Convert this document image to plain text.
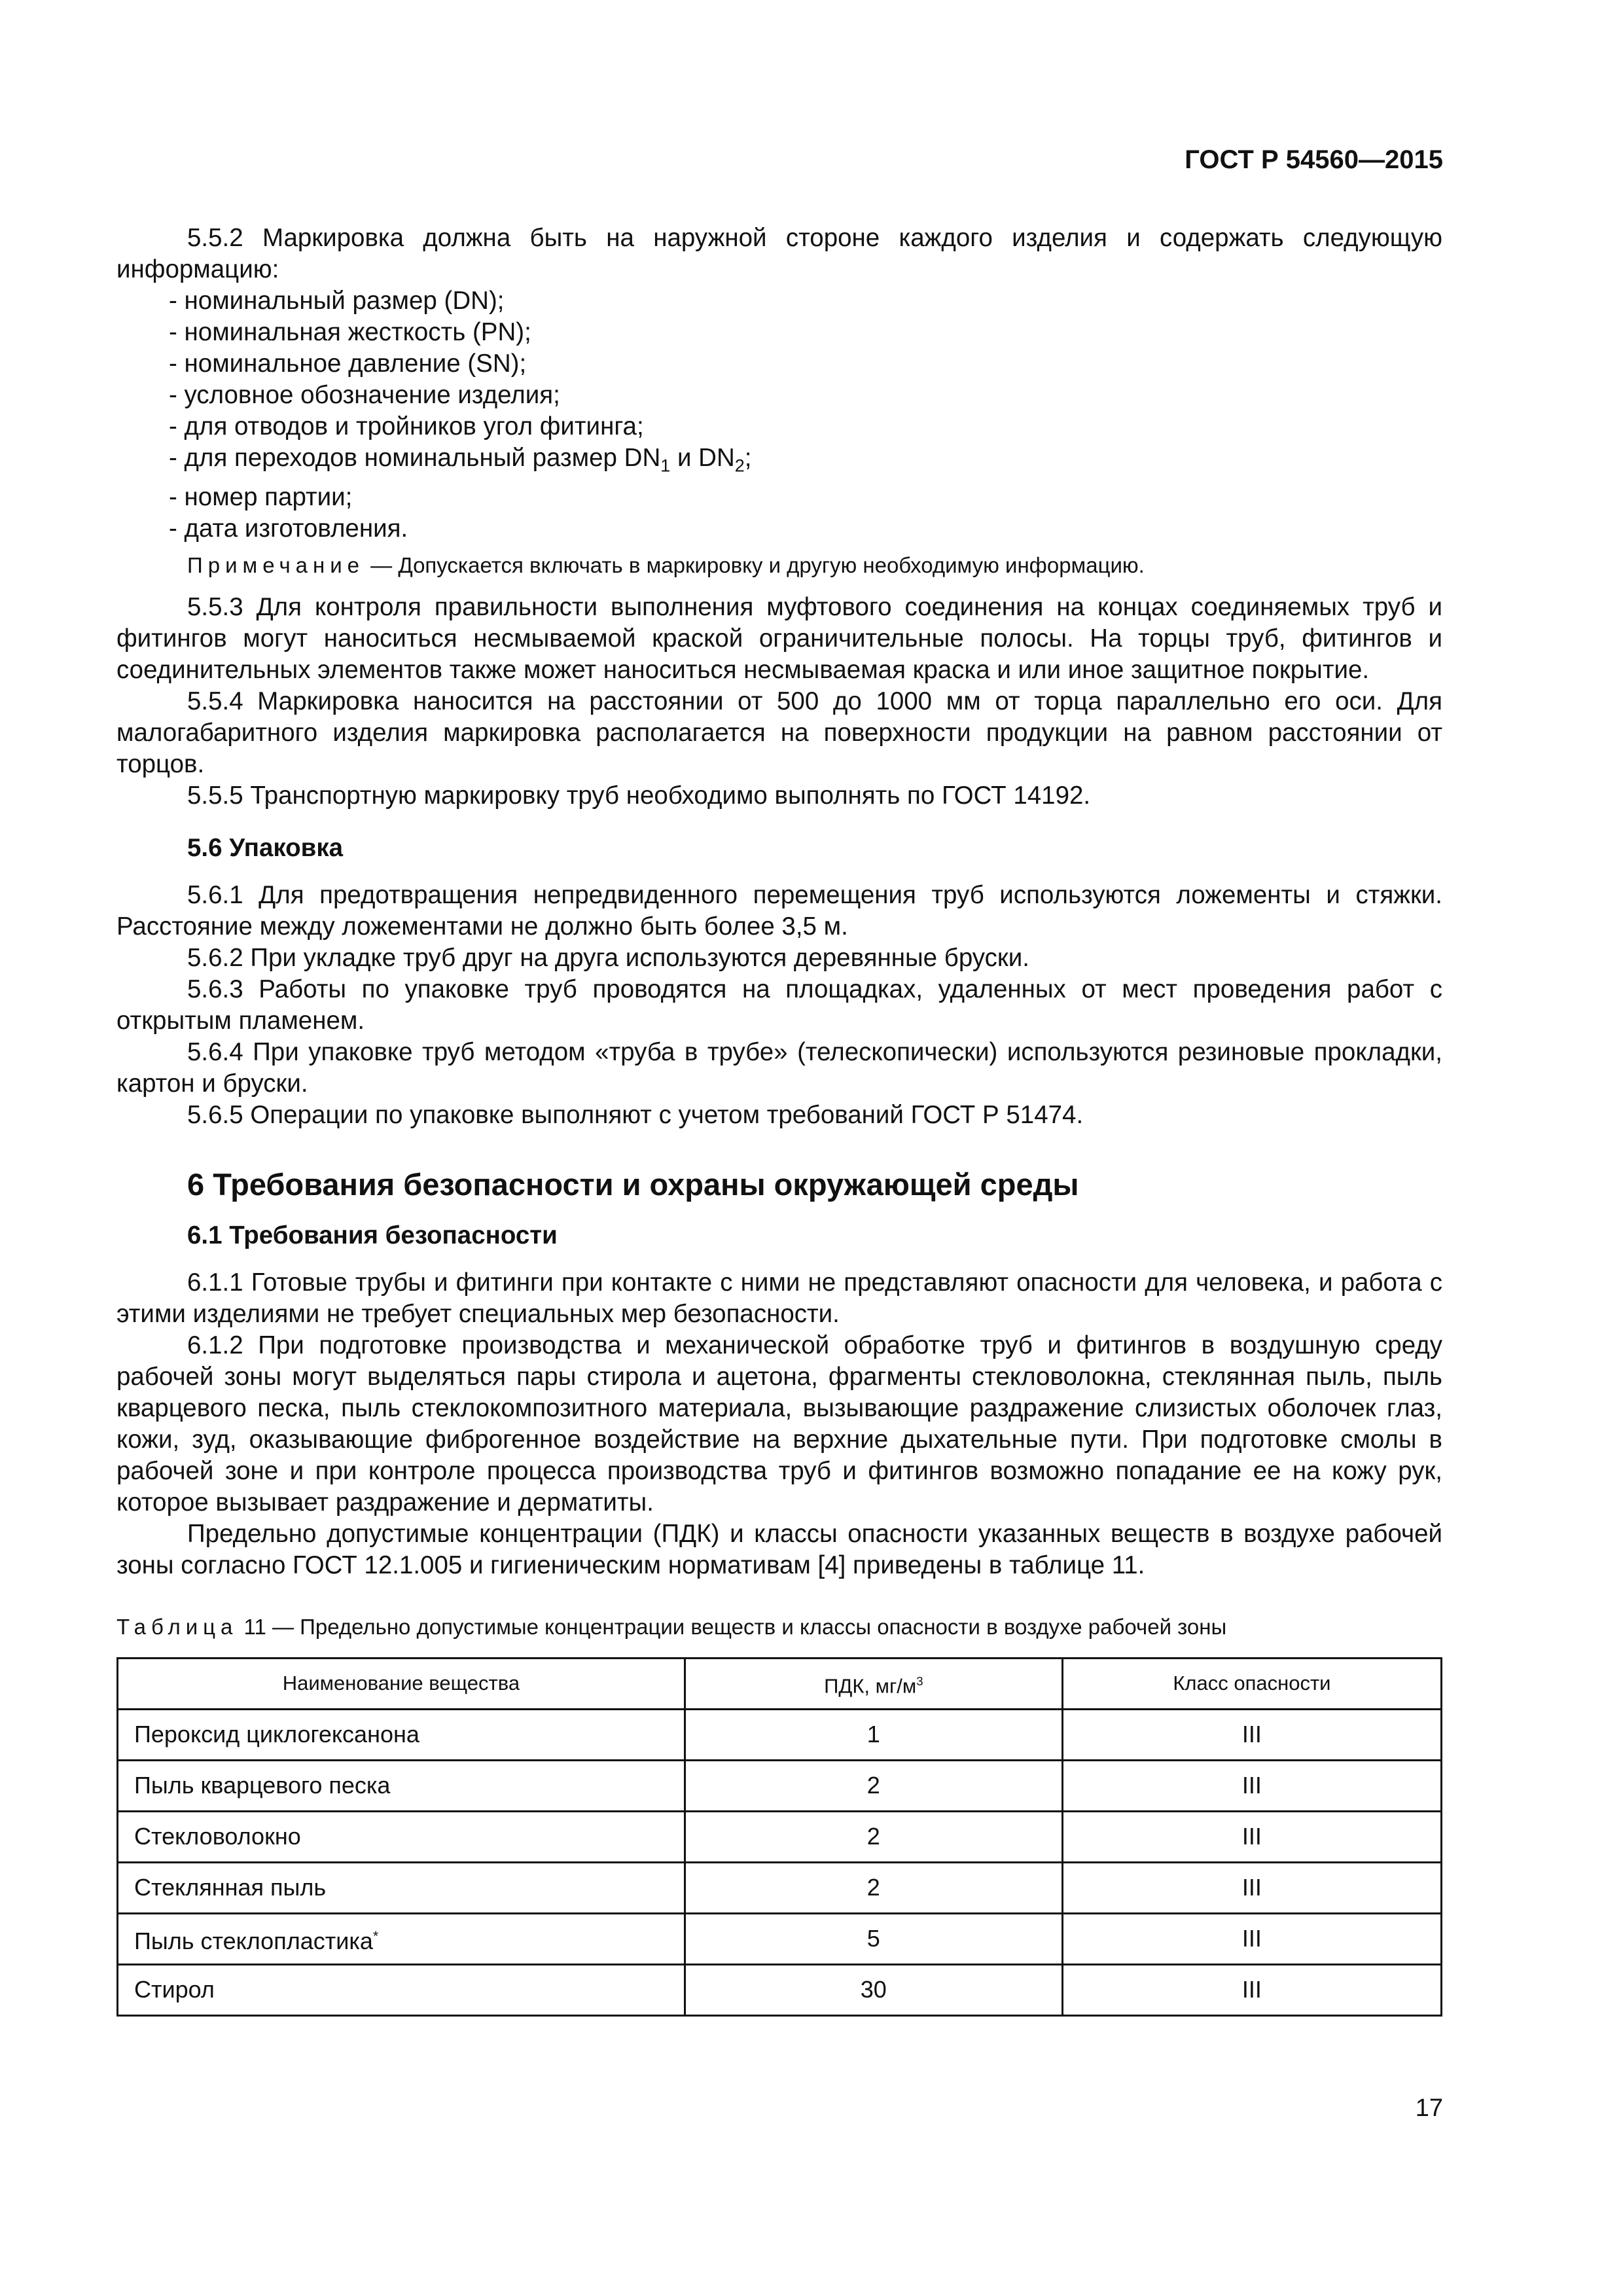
ГОСТ Р 54560—2015

5.5.2 Маркировка должна быть на наружной стороне каждого изделия и содержать следующую информацию:

- номинальный размер (DN);

- номинальная жесткость (PN);

- номинальное давление (SN);

- условное обозначение изделия;

- для отводов и тройников угол фитинга;

- для переходов номинальный размер $DN_1$ и $DN_2$;

- номер партии;

- дата изготовления.

Примечание — Допускается включать в маркировку и другую необходимую информацию.

5.5.3 Для контроля правильности выполнения муфтового соединения на концах соединяемых труб и фитингов могут наноситься несмываемой краской ограничительные полосы. На торцы труб, фитингов и соединительных элементов также может наноситься несмываемая краска и или иное защитное покрытие.

5.5.4 Маркировка наносится на расстоянии от 500 до 1000 мм от торца параллельно его оси. Для малогабаритного изделия маркировка располагается на поверхности продукции на равном расстоянии от торцов.

5.5.5 Транспортную маркировку труб необходимо выполнять по ГОСТ 14192.

5.6 Упаковка

5.6.1 Для предотвращения непредвиденного перемещения труб используются ложементы и стяжки. Расстояние между ложементами не должно быть более 3,5 м.

5.6.2 При укладке труб друг на друга используются деревянные бруски.

5.6.3 Работы по упаковке труб проводятся на площадках, удаленных от мест проведения работ с открытым пламенем.

5.6.4 При упаковке труб методом «труба в трубе» (телескопически) используются резиновые прокладки, картон и бруски.

5.6.5 Операции по упаковке выполняют с учетом требований ГОСТ Р 51474.

6 Требования безопасности и охраны окружающей среды
6.1 Требования безопасности

6.1.1 Готовые трубы и фитинги при контакте с ними не представляют опасности для человека, и работа с этими изделиями не требует специальных мер безопасности.

6.1.2 При подготовке производства и механической обработке труб и фитингов в воздушную среду рабочей зоны могут выделяться пары стирола и ацетона, фрагменты стекловолокна, стеклянная пыль, пыль кварцевого песка, пыль стеклокомпозитного материала, вызывающие раздражение слизистых оболочек глаз, кожи, зуд, оказывающие фиброгенное воздействие на верхние дыхательные пути. При подготовке смолы в рабочей зоне и при контроле процесса производства труб и фитингов возможно попадание ее на кожу рук, которое вызывает раздражение и дерматиты.

Предельно допустимые концентрации (ПДК) и классы опасности указанных веществ в воздухе рабочей зоны согласно ГОСТ 12.1.005 и гигиеническим нормативам [4] приведены в таблице 11.

Таблица 11 — Предельно допустимые концентрации веществ и классы опасности в воздухе рабочей зоны

Наименование вещества	ПДК, $мг/м^3$	Класс опасности
Пероксид циклогексанона	1	III
Пыль кварцевого песка	2	III
Стекловолокно	2	III
Стеклянная пыль	2	III
Пыль стеклопластика*	5	III
Стирол	30	III
17
